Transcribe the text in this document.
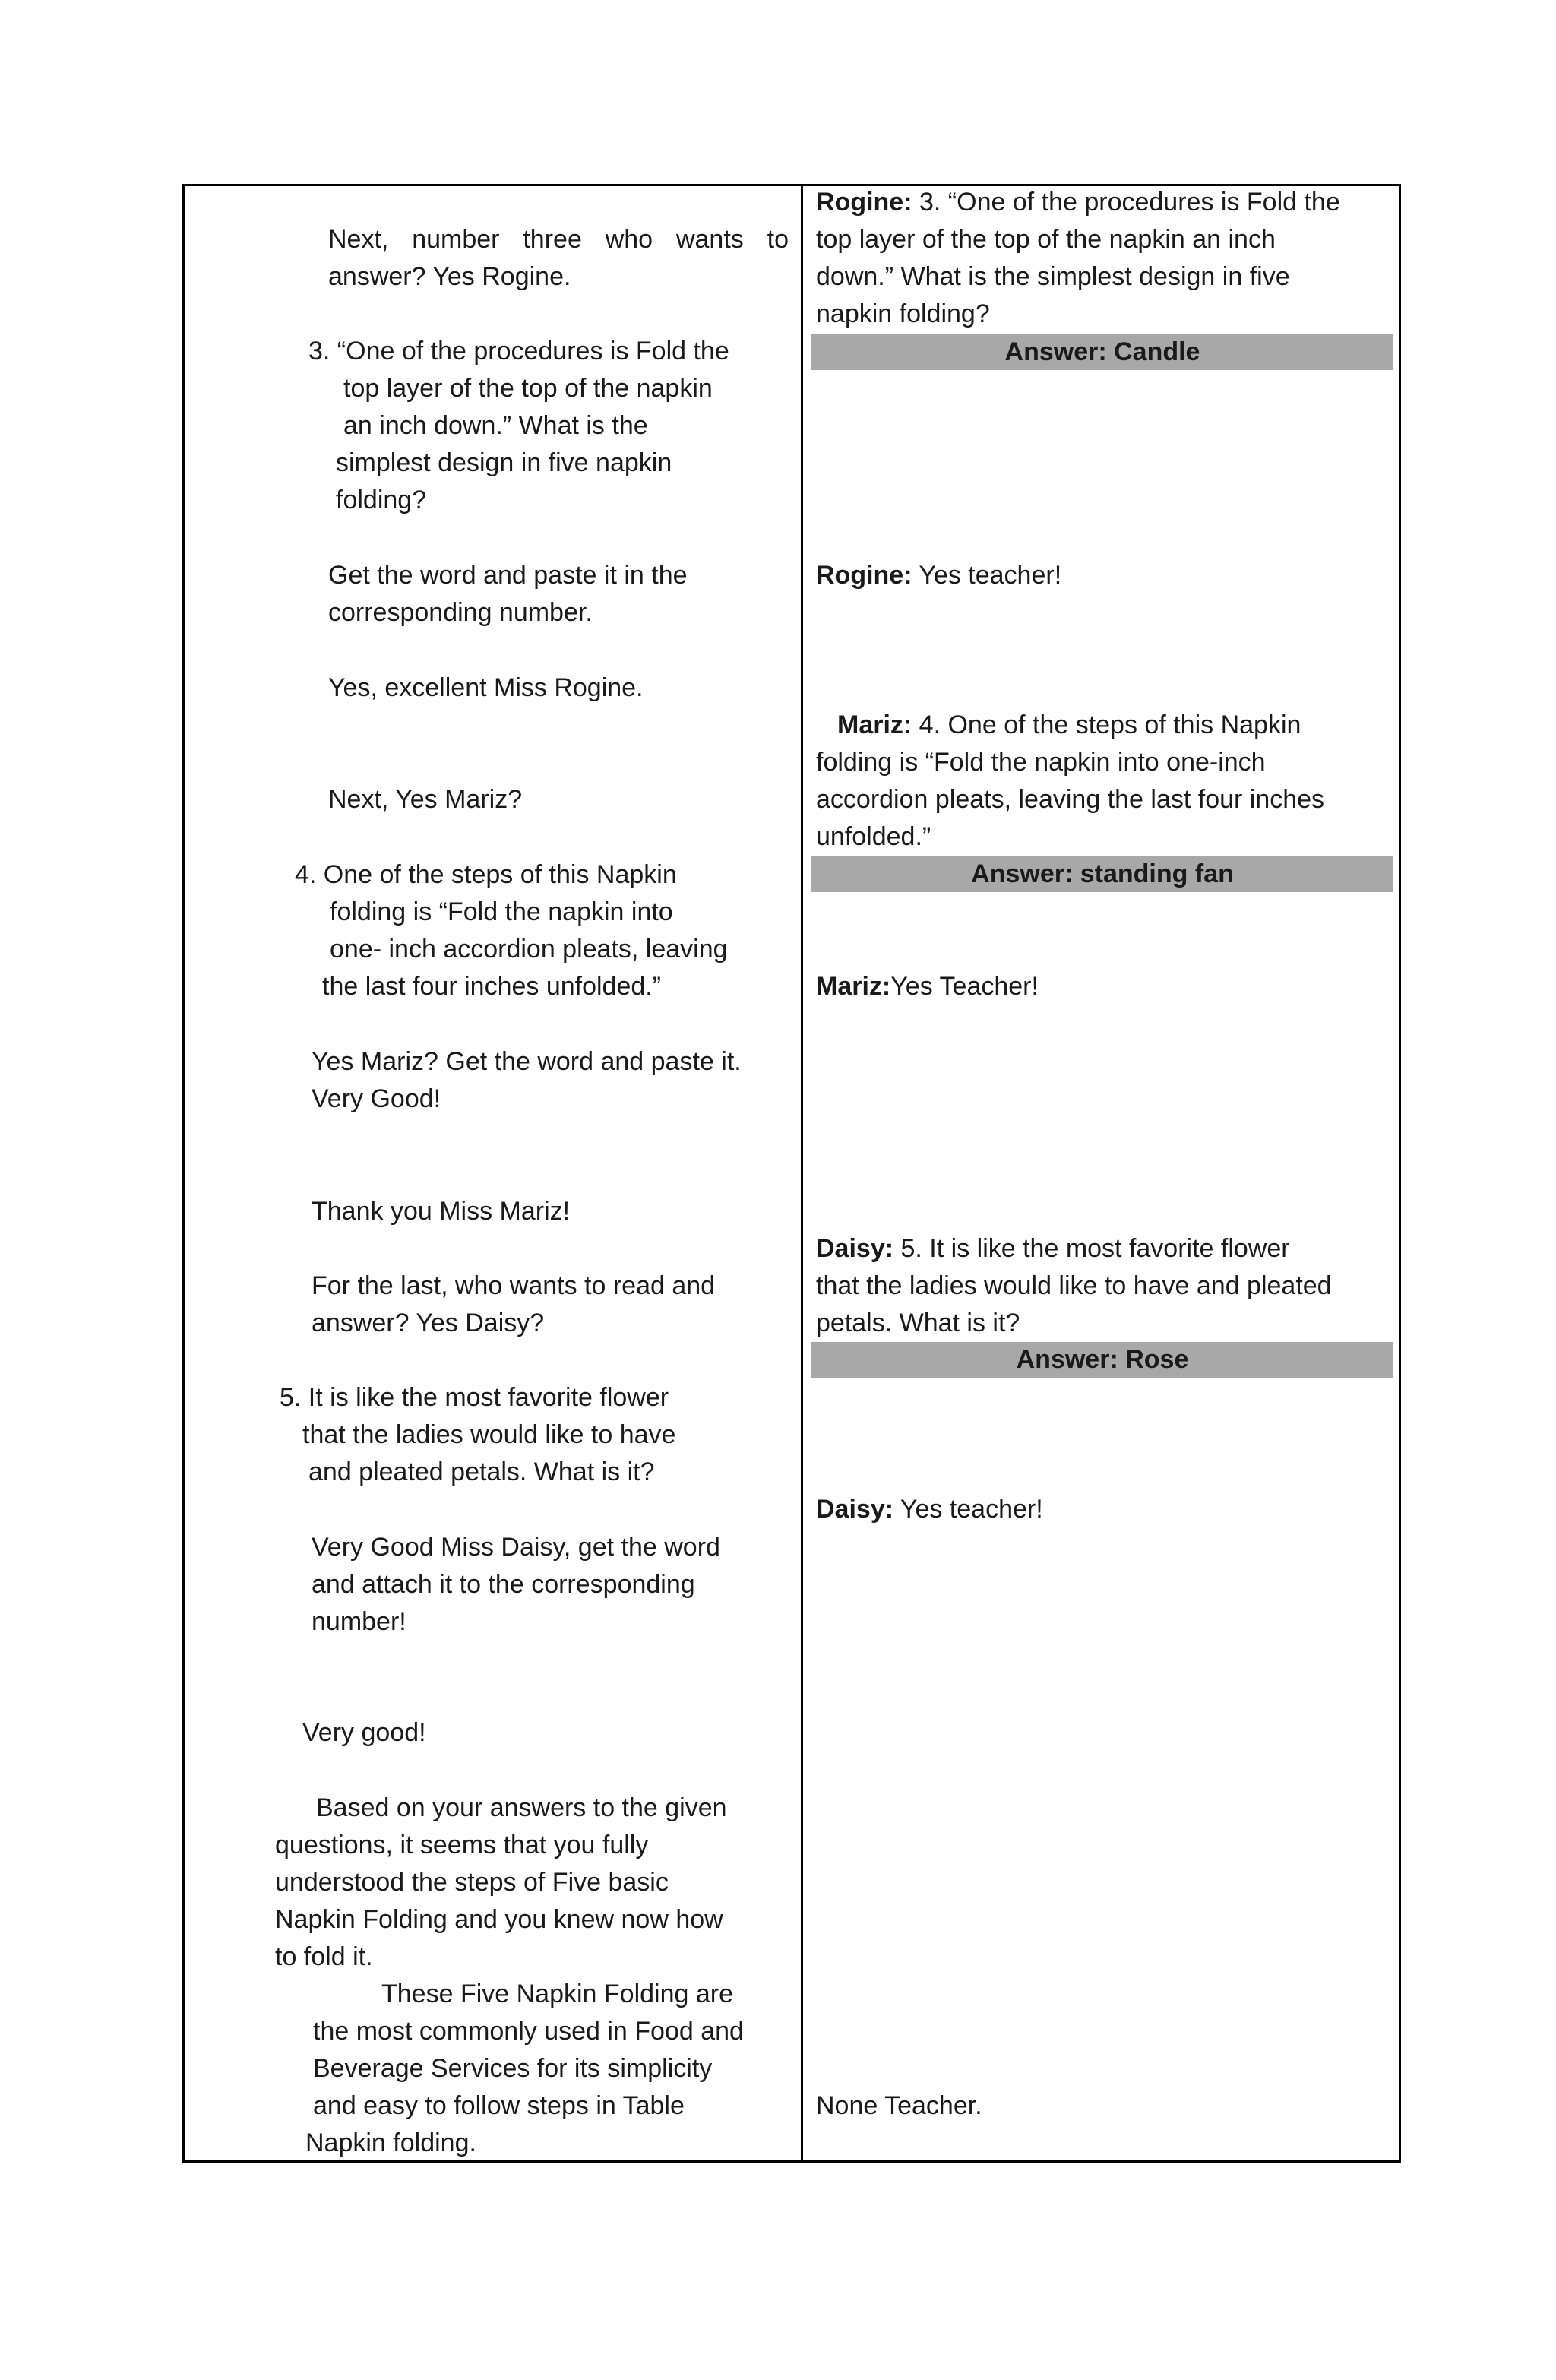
Next, number three who wants to
answer? Yes Rogine.
3. “One of the procedures is Fold the
top layer of the top of the napkin
an inch down.” What is the
simplest design in five napkin
folding?
Get the word and paste it in the
corresponding number.
Yes, excellent Miss Rogine.
Next, Yes Mariz?
4. One of the steps of this Napkin
folding is “Fold the napkin into
one- inch accordion pleats, leaving
the last four inches unfolded.”
Yes Mariz? Get the word and paste it.
Very Good!
Thank you Miss Mariz!
For the last, who wants to read and
answer? Yes Daisy?
5. It is like the most favorite flower
that the ladies would like to have
and pleated petals. What is it?
Very Good Miss Daisy, get the word
and attach it to the corresponding
number!
Very good!
Based on your answers to the given
questions, it seems that you fully
understood the steps of Five basic
Napkin Folding and you knew now how
to fold it.
These Five Napkin Folding are
the most commonly used in Food and
Beverage Services for its simplicity
and easy to follow steps in Table
Napkin folding.
Rogine: 3. “One of the procedures is Fold the
top layer of the top of the napkin an inch
down.” What is the simplest design in five
napkin folding?
Answer: Candle
Rogine: Yes teacher!
Mariz: 4. One of the steps of this Napkin
folding is “Fold the napkin into one-inch
accordion pleats, leaving the last four inches
unfolded.”
Answer: standing fan
Mariz:Yes Teacher!
Daisy: 5. It is like the most favorite flower
that the ladies would like to have and pleated
petals. What is it?
Answer: Rose
Daisy: Yes teacher!
None Teacher.
